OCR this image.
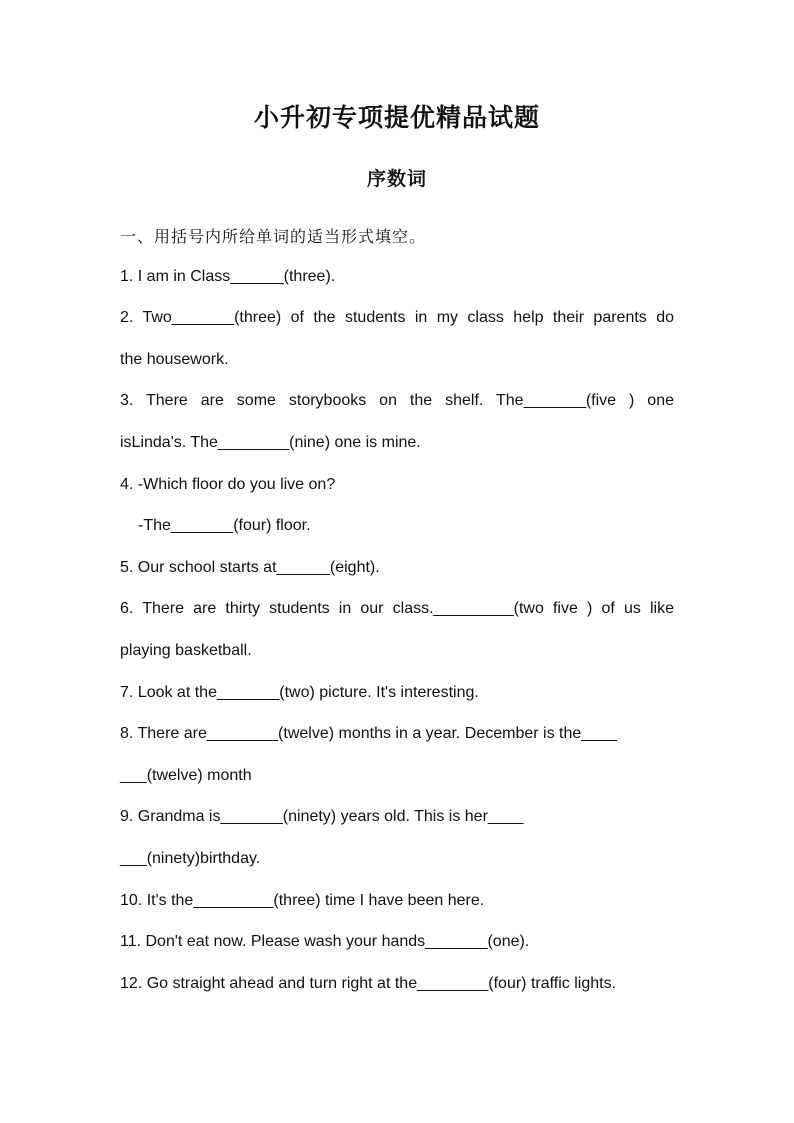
小升初专项提优精品试题
序数词
一、用括号内所给单词的适当形式填空。
1. I am in Class______(three).
2. Two_______(three) of the students in my class help their parents do
the housework.
3. There are some storybooks on the shelf. The_______(five ) one
isLinda's. The________(nine) one is mine.
4. -Which floor do you live on?
-The_______(four) floor.
5. Our school starts at______(eight).
6. There are thirty students in our class._________(two five ) of us like
playing basketball.
7. Look at the_______(two) picture. It's interesting.
8. There are________(twelve) months in a year. December is the____
___(twelve) month
9. Grandma is_______(ninety) years old. This is her____
___(ninety)birthday.
10. It's the_________(three) time I have been here.
11. Don't eat now. Please wash your hands_______(one).
12. Go straight ahead and turn right at the________(four) traffic lights.
